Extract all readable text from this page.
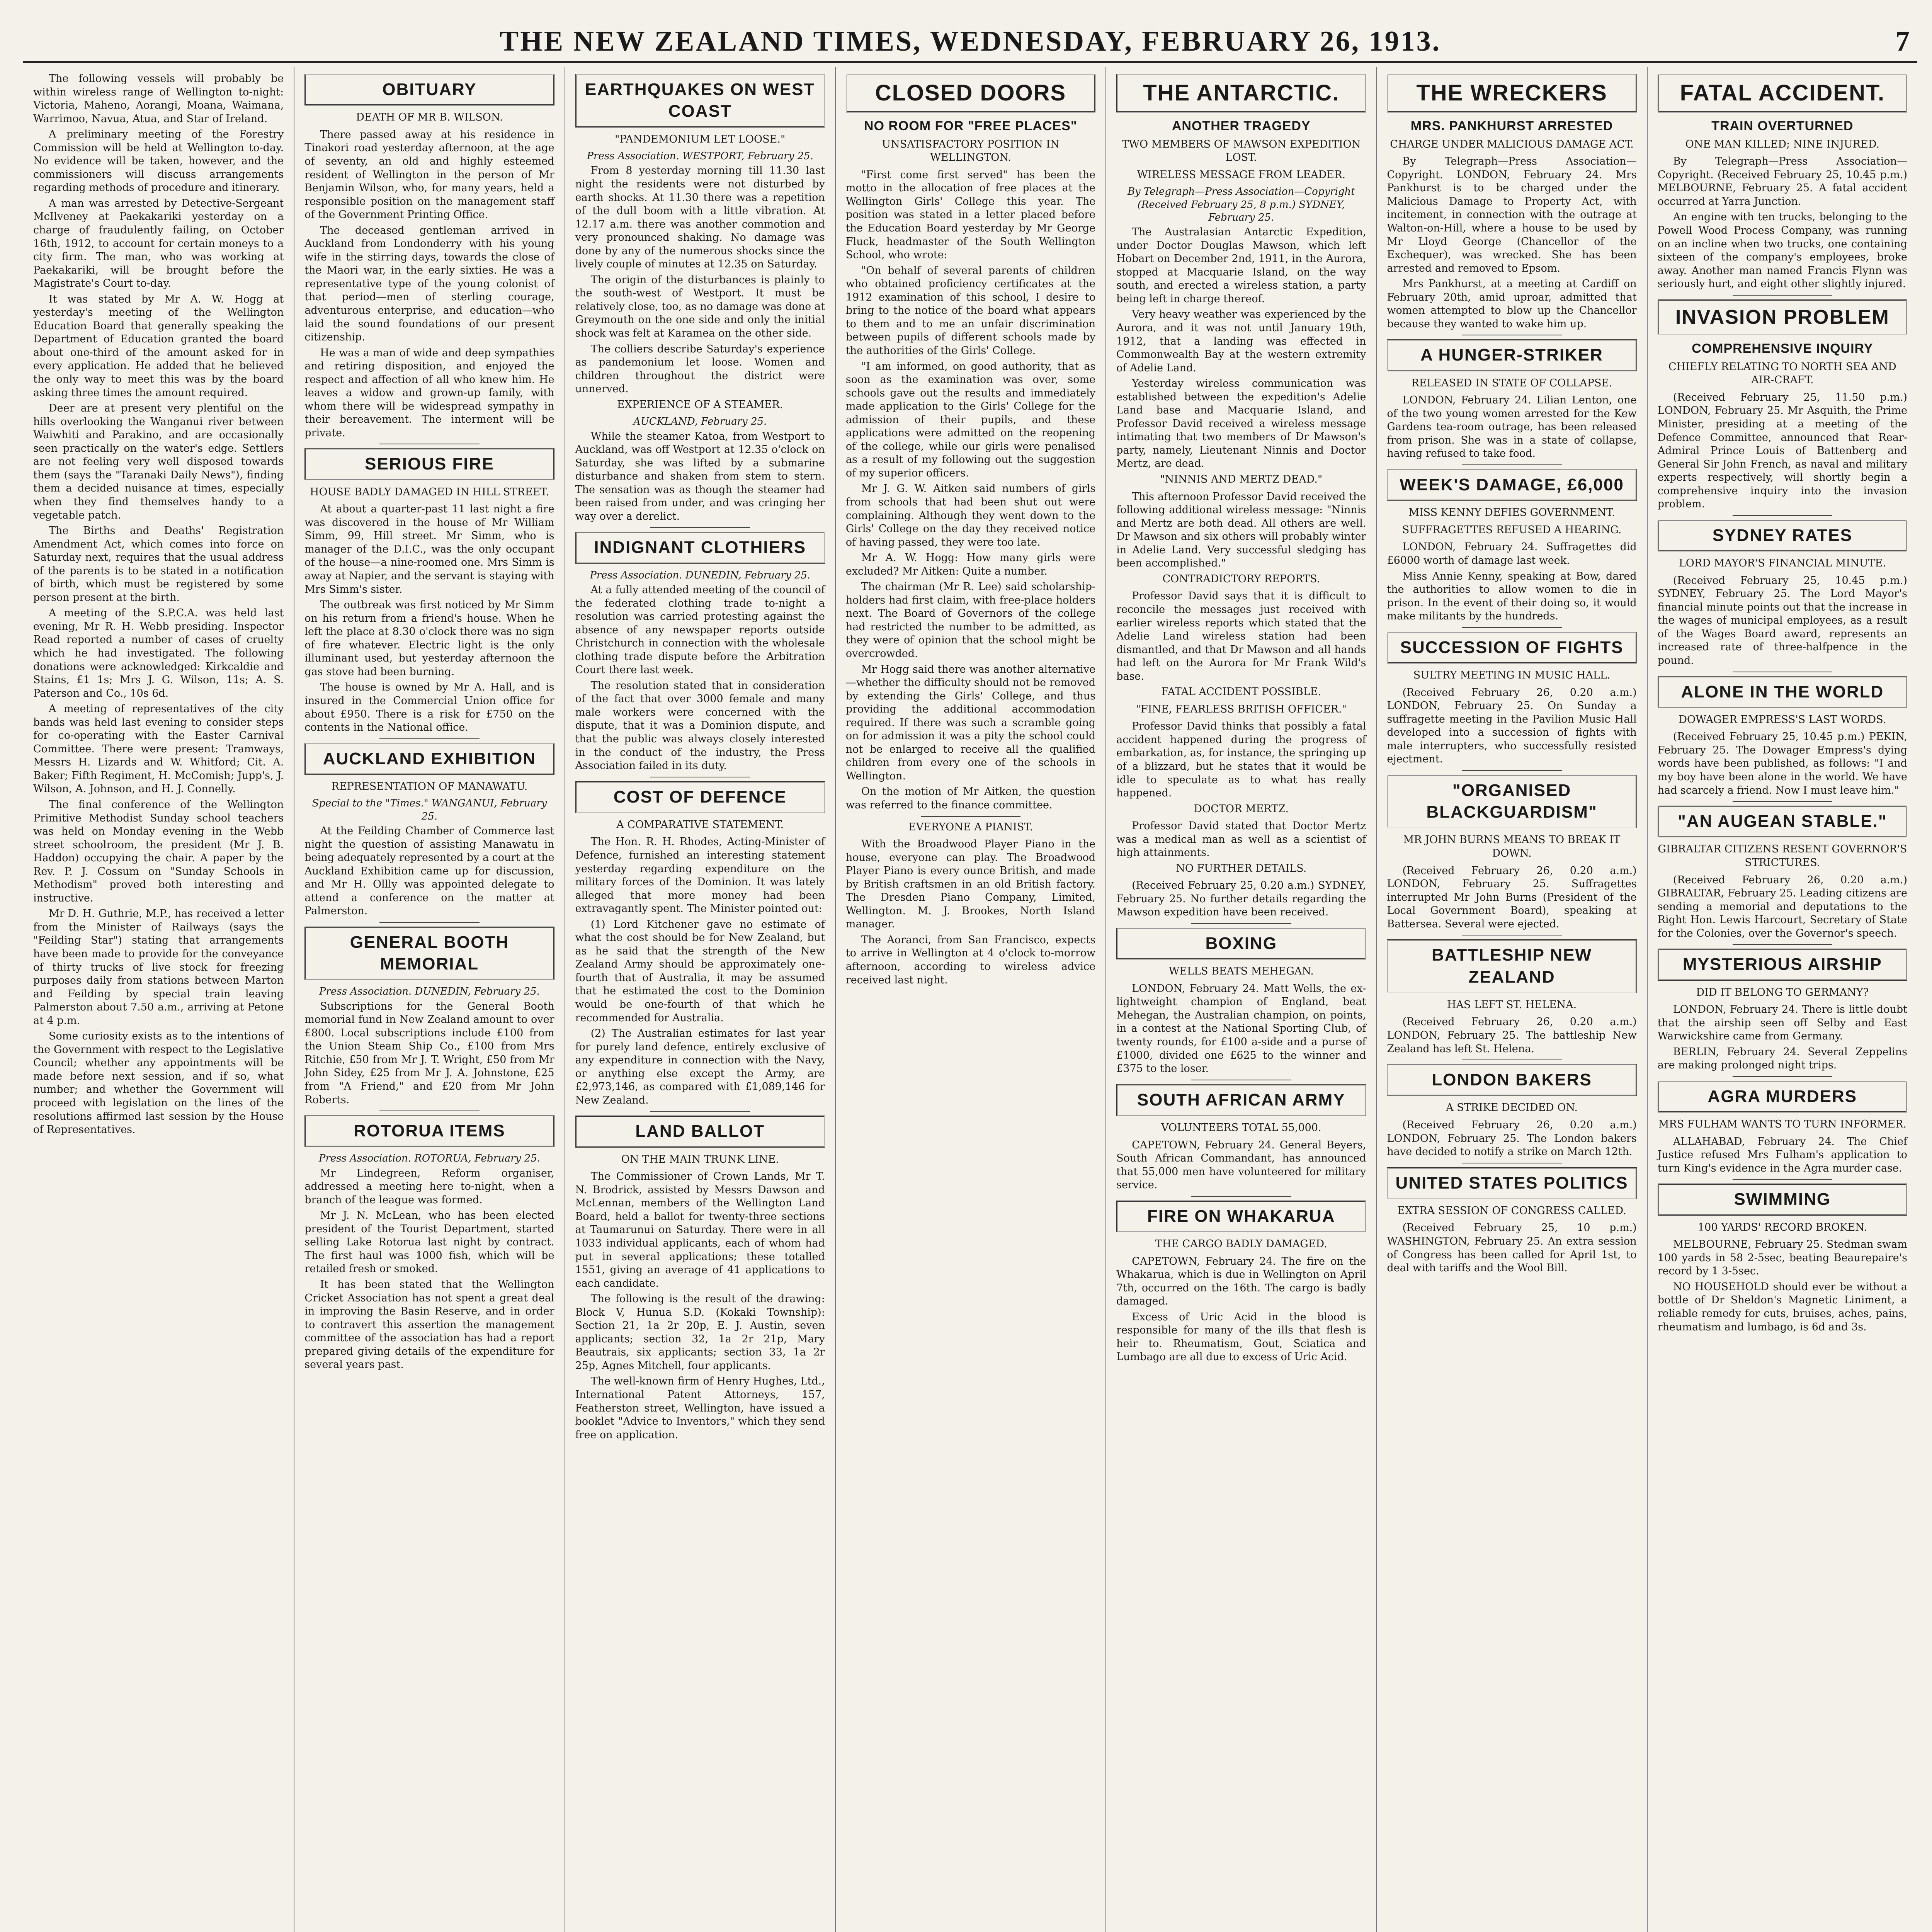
THE NEW ZEALAND TIMES, WEDNESDAY, FEBRUARY 26, 1913.	7

The following vessels will probably be within wireless range of Wellington to-night: Victoria, Maheno, Aorangi, Moana, Waimana, Warrimoo, Navua, Atua, and Star of Ireland.

A preliminary meeting of the Forestry Commission will be held at Wellington to-day. No evidence will be taken, however, and the commissioners will discuss arrangements regarding methods of procedure and itinerary.

A man was arrested by Detective-Sergeant McIlveney at Paekakariki yesterday on a charge of fraudulently failing, on October 16th, 1912, to account for certain moneys to a city firm. The man, who was working at Paekakariki, will be brought before the Magistrate's Court to-day.

It was stated by Mr A. W. Hogg at yesterday's meeting of the Wellington Education Board that generally speaking the Department of Education granted the board about one-third of the amount asked for in every application. He added that he believed the only way to meet this was by the board asking three times the amount required.

Deer are at present very plentiful on the hills overlooking the Wanganui river between Waiwhiti and Parakino, and are occasionally seen practically on the water's edge. Settlers are not feeling very well disposed towards them (says the "Taranaki Daily News"), finding them a decided nuisance at times, especially when they find themselves handy to a vegetable patch.

The Births and Deaths' Registration Amendment Act, which comes into force on Saturday next, requires that the usual address of the parents is to be stated in a notification of birth, which must be registered by some person present at the birth.

A meeting of the S.P.C.A. was held last evening, Mr R. H. Webb presiding. Inspector Read reported a number of cases of cruelty which he had investigated. The following donations were acknowledged: Kirkcaldie and Stains, £1 1s; Mrs J. G. Wilson, 11s; A. S. Paterson and Co., 10s 6d.

A meeting of representatives of the city bands was held last evening to consider steps for co-operating with the Easter Carnival Committee. There were present: Tramways, Messrs H. Lizards and W. Whitford; Cit. A. Baker; Fifth Regiment, H. McComish; Jupp's, J. Wilson, A. Johnson, and H. J. Connelly.

The final conference of the Wellington Primitive Methodist Sunday school teachers was held on Monday evening in the Webb street schoolroom, the president (Mr J. B. Haddon) occupying the chair. A paper by the Rev. P. J. Cossum on "Sunday Schools in Methodism" proved both interesting and instructive.

Mr D. H. Guthrie, M.P., has received a letter from the Minister of Railways (says the "Feilding Star") stating that arrangements have been made to provide for the conveyance of thirty trucks of live stock for freezing purposes daily from stations between Marton and Feilding by special train leaving Palmerston about 7.50 a.m., arriving at Petone at 4 p.m.

Some curiosity exists as to the intentions of the Government with respect to the Legislative Council; whether any appointments will be made before next session, and if so, what number; and whether the Government will proceed with legislation on the lines of the resolutions affirmed last session by the House of Representatives.

OBITUARY
DEATH OF MR B. WILSON.

There passed away at his residence in Tinakori road yesterday afternoon, at the age of seventy, an old and highly esteemed resident of Wellington in the person of Mr Benjamin Wilson, who, for many years, held a responsible position on the management staff of the Government Printing Office.

The deceased gentleman arrived in Auckland from Londonderry with his young wife in the stirring days, towards the close of the Maori war, in the early sixties. He was a representative type of the young colonist of that period—men of sterling courage, adventurous enterprise, and education—who laid the sound foundations of our present citizenship.

He was a man of wide and deep sympathies and retiring disposition, and enjoyed the respect and affection of all who knew him. He leaves a widow and grown-up family, with whom there will be widespread sympathy in their bereavement. The interment will be private.

SERIOUS FIRE
HOUSE BADLY DAMAGED IN HILL STREET.

At about a quarter-past 11 last night a fire was discovered in the house of Mr William Simm, 99, Hill street. Mr Simm, who is manager of the D.I.C., was the only occupant of the house—a nine-roomed one. Mrs Simm is away at Napier, and the servant is staying with Mrs Simm's sister.

The outbreak was first noticed by Mr Simm on his return from a friend's house. When he left the place at 8.30 o'clock there was no sign of fire whatever. Electric light is the only illuminant used, but yesterday afternoon the gas stove had been burning.

The house is owned by Mr A. Hall, and is insured in the Commercial Union office for about £950. There is a risk for £750 on the contents in the National office.

AUCKLAND EXHIBITION
REPRESENTATION OF MANAWATU.
Special to the "Times." WANGANUI, February 25.

At the Feilding Chamber of Commerce last night the question of assisting Manawatu in being adequately represented by a court at the Auckland Exhibition came up for discussion, and Mr H. Ollly was appointed delegate to attend a conference on the matter at Palmerston.

GENERAL BOOTH MEMORIAL
Press Association. DUNEDIN, February 25.

Subscriptions for the General Booth memorial fund in New Zealand amount to over £800. Local subscriptions include £100 from the Union Steam Ship Co., £100 from Mrs Ritchie, £50 from Mr J. T. Wright, £50 from Mr John Sidey, £25 from Mr J. A. Johnstone, £25 from "A Friend," and £20 from Mr John Roberts.

ROTORUA ITEMS
Press Association. ROTORUA, February 25.

Mr Lindegreen, Reform organiser, addressed a meeting here to-night, when a branch of the league was formed.

Mr J. N. McLean, who has been elected president of the Tourist Department, started selling Lake Rotorua last night by contract. The first haul was 1000 fish, which will be retailed fresh or smoked.

It has been stated that the Wellington Cricket Association has not spent a great deal in improving the Basin Reserve, and in order to contravert this assertion the management committee of the association has had a report prepared giving details of the expenditure for several years past.

EARTHQUAKES ON WEST COAST
"PANDEMONIUM LET LOOSE."
Press Association. WESTPORT, February 25.

From 8 yesterday morning till 11.30 last night the residents were not disturbed by earth shocks. At 11.30 there was a repetition of the dull boom with a little vibration. At 12.17 a.m. there was another commotion and very pronounced shaking. No damage was done by any of the numerous shocks since the lively couple of minutes at 12.35 on Saturday.

The origin of the disturbances is plainly to the south-west of Westport. It must be relatively close, too, as no damage was done at Greymouth on the one side and only the initial shock was felt at Karamea on the other side.

The colliers describe Saturday's experience as pandemonium let loose. Women and children throughout the district were unnerved.

EXPERIENCE OF A STEAMER.
AUCKLAND, February 25.

While the steamer Katoa, from Westport to Auckland, was off Westport at 12.35 o'clock on Saturday, she was lifted by a submarine disturbance and shaken from stem to stern. The sensation was as though the steamer had been raised from under, and was cringing her way over a derelict.

INDIGNANT CLOTHIERS
Press Association. DUNEDIN, February 25.

At a fully attended meeting of the council of the federated clothing trade to-night a resolution was carried protesting against the absence of any newspaper reports outside Christchurch in connection with the wholesale clothing trade dispute before the Arbitration Court there last week.

The resolution stated that in consideration of the fact that over 3000 female and many male workers were concerned with the dispute, that it was a Dominion dispute, and that the public was always closely interested in the conduct of the industry, the Press Association failed in its duty.

COST OF DEFENCE
A COMPARATIVE STATEMENT.

The Hon. R. H. Rhodes, Acting-Minister of Defence, furnished an interesting statement yesterday regarding expenditure on the military forces of the Dominion. It was lately alleged that more money had been extravagantly spent. The Minister pointed out:

(1) Lord Kitchener gave no estimate of what the cost should be for New Zealand, but as he said that the strength of the New Zealand Army should be approximately one-fourth that of Australia, it may be assumed that he estimated the cost to the Dominion would be one-fourth of that which he recommended for Australia.

(2) The Australian estimates for last year for purely land defence, entirely exclusive of any expenditure in connection with the Navy, or anything else except the Army, are £2,973,146, as compared with £1,089,146 for New Zealand.

LAND BALLOT
ON THE MAIN TRUNK LINE.

The Commissioner of Crown Lands, Mr T. N. Brodrick, assisted by Messrs Dawson and McLennan, members of the Wellington Land Board, held a ballot for twenty-three sections at Taumarunui on Saturday. There were in all 1033 individual applicants, each of whom had put in several applications; these totalled 1551, giving an average of 41 applications to each candidate.

The following is the result of the drawing: Block V, Hunua S.D. (Kokaki Township): Section 21, 1a 2r 20p, E. J. Austin, seven applicants; section 32, 1a 2r 21p, Mary Beautrais, six applicants; section 33, 1a 2r 25p, Agnes Mitchell, four applicants.

The well-known firm of Henry Hughes, Ltd., International Patent Attorneys, 157, Featherston street, Wellington, have issued a booklet "Advice to Inventors," which they send free on application.

CLOSED DOORS
NO ROOM FOR "FREE PLACES"
UNSATISFACTORY POSITION IN WELLINGTON.

"First come first served" has been the motto in the allocation of free places at the Wellington Girls' College this year. The position was stated in a letter placed before the Education Board yesterday by Mr George Fluck, headmaster of the South Wellington School, who wrote:

"On behalf of several parents of children who obtained proficiency certificates at the 1912 examination of this school, I desire to bring to the notice of the board what appears to them and to me an unfair discrimination between pupils of different schools made by the authorities of the Girls' College.

"I am informed, on good authority, that as soon as the examination was over, some schools gave out the results and immediately made application to the Girls' College for the admission of their pupils, and these applications were admitted on the reopening of the college, while our girls were penalised as a result of my following out the suggestion of my superior officers.

Mr J. G. W. Aitken said numbers of girls from schools that had been shut out were complaining. Although they went down to the Girls' College on the day they received notice of having passed, they were too late.

Mr A. W. Hogg: How many girls were excluded? Mr Aitken: Quite a number.

The chairman (Mr R. Lee) said scholarship-holders had first claim, with free-place holders next. The Board of Governors of the college had restricted the number to be admitted, as they were of opinion that the school might be overcrowded.

Mr Hogg said there was another alternative—whether the difficulty should not be removed by extending the Girls' College, and thus providing the additional accommodation required. If there was such a scramble going on for admission it was a pity the school could not be enlarged to receive all the qualified children from every one of the schools in Wellington.

On the motion of Mr Aitken, the question was referred to the finance committee.

EVERYONE A PIANIST.

With the Broadwood Player Piano in the house, everyone can play. The Broadwood Player Piano is every ounce British, and made by British craftsmen in an old British factory. The Dresden Piano Company, Limited, Wellington. M. J. Brookes, North Island manager.

The Aoranci, from San Francisco, expects to arrive in Wellington at 4 o'clock to-morrow afternoon, according to wireless advice received last night.

THE ANTARCTIC.
ANOTHER TRAGEDY
TWO MEMBERS OF MAWSON EXPEDITION LOST.
WIRELESS MESSAGE FROM LEADER.
By Telegraph—Press Association—Copyright (Received February 25, 8 p.m.) SYDNEY, February 25.

The Australasian Antarctic Expedition, under Doctor Douglas Mawson, which left Hobart on December 2nd, 1911, in the Aurora, stopped at Macquarie Island, on the way south, and erected a wireless station, a party being left in charge thereof.

Very heavy weather was experienced by the Aurora, and it was not until January 19th, 1912, that a landing was effected in Commonwealth Bay at the western extremity of Adelie Land.

Yesterday wireless communication was established between the expedition's Adelie Land base and Macquarie Island, and Professor David received a wireless message intimating that two members of Dr Mawson's party, namely, Lieutenant Ninnis and Doctor Mertz, are dead.

"NINNIS AND MERTZ DEAD."

This afternoon Professor David received the following additional wireless message: "Ninnis and Mertz are both dead. All others are well. Dr Mawson and six others will probably winter in Adelie Land. Very successful sledging has been accomplished."

CONTRADICTORY REPORTS.

Professor David says that it is difficult to reconcile the messages just received with earlier wireless reports which stated that the Adelie Land wireless station had been dismantled, and that Dr Mawson and all hands had left on the Aurora for Mr Frank Wild's base.

FATAL ACCIDENT POSSIBLE.
"FINE, FEARLESS BRITISH OFFICER."

Professor David thinks that possibly a fatal accident happened during the progress of embarkation, as, for instance, the springing up of a blizzard, but he states that it would be idle to speculate as to what has really happened.

DOCTOR MERTZ.

Professor David stated that Doctor Mertz was a medical man as well as a scientist of high attainments.

NO FURTHER DETAILS.

(Received February 25, 0.20 a.m.) SYDNEY, February 25. No further details regarding the Mawson expedition have been received.

BOXING
WELLS BEATS MEHEGAN.

LONDON, February 24. Matt Wells, the ex-lightweight champion of England, beat Mehegan, the Australian champion, on points, in a contest at the National Sporting Club, of twenty rounds, for £100 a-side and a purse of £1000, divided one £625 to the winner and £375 to the loser.

SOUTH AFRICAN ARMY
VOLUNTEERS TOTAL 55,000.

CAPETOWN, February 24. General Beyers, South African Commandant, has announced that 55,000 men have volunteered for military service.

FIRE ON WHAKARUA
THE CARGO BADLY DAMAGED.

CAPETOWN, February 24. The fire on the Whakarua, which is due in Wellington on April 7th, occurred on the 16th. The cargo is badly damaged.

Excess of Uric Acid in the blood is responsible for many of the ills that flesh is heir to. Rheumatism, Gout, Sciatica and Lumbago are all due to excess of Uric Acid.

THE WRECKERS
MRS. PANKHURST ARRESTED
CHARGE UNDER MALICIOUS DAMAGE ACT.

By Telegraph—Press Association—Copyright. LONDON, February 24. Mrs Pankhurst is to be charged under the Malicious Damage to Property Act, with incitement, in connection with the outrage at Walton-on-Hill, where a house to be used by Mr Lloyd George (Chancellor of the Exchequer), was wrecked. She has been arrested and removed to Epsom.

Mrs Pankhurst, at a meeting at Cardiff on February 20th, amid uproar, admitted that women attempted to blow up the Chancellor because they wanted to wake him up.

A HUNGER-STRIKER
RELEASED IN STATE OF COLLAPSE.

LONDON, February 24. Lilian Lenton, one of the two young women arrested for the Kew Gardens tea-room outrage, has been released from prison. She was in a state of collapse, having refused to take food.

WEEK'S DAMAGE, £6,000
MISS KENNY DEFIES GOVERNMENT.
SUFFRAGETTES REFUSED A HEARING.

LONDON, February 24. Suffragettes did £6000 worth of damage last week.

Miss Annie Kenny, speaking at Bow, dared the authorities to allow women to die in prison. In the event of their doing so, it would make militants by the hundreds.

SUCCESSION OF FIGHTS
SULTRY MEETING IN MUSIC HALL.

(Received February 26, 0.20 a.m.) LONDON, February 25. On Sunday a suffragette meeting in the Pavilion Music Hall developed into a succession of fights with male interrupters, who successfully resisted ejectment.

"ORGANISED BLACKGUARDISM"
MR JOHN BURNS MEANS TO BREAK IT DOWN.

(Received February 26, 0.20 a.m.) LONDON, February 25. Suffragettes interrupted Mr John Burns (President of the Local Government Board), speaking at Battersea. Several were ejected.

BATTLESHIP NEW ZEALAND
HAS LEFT ST. HELENA.

(Received February 26, 0.20 a.m.) LONDON, February 25. The battleship New Zealand has left St. Helena.

LONDON BAKERS
A STRIKE DECIDED ON.

(Received February 26, 0.20 a.m.) LONDON, February 25. The London bakers have decided to notify a strike on March 12th.

UNITED STATES POLITICS
EXTRA SESSION OF CONGRESS CALLED.

(Received February 25, 10 p.m.) WASHINGTON, February 25. An extra session of Congress has been called for April 1st, to deal with tariffs and the Wool Bill.

FATAL ACCIDENT.
TRAIN OVERTURNED
ONE MAN KILLED; NINE INJURED.

By Telegraph—Press Association—Copyright. (Received February 25, 10.45 p.m.) MELBOURNE, February 25. A fatal accident occurred at Yarra Junction.

An engine with ten trucks, belonging to the Powell Wood Process Company, was running on an incline when two trucks, one containing sixteen of the company's employees, broke away. Another man named Francis Flynn was seriously hurt, and eight other slightly injured.

INVASION PROBLEM
COMPREHENSIVE INQUIRY
CHIEFLY RELATING TO NORTH SEA AND AIR-CRAFT.

(Received February 25, 11.50 p.m.) LONDON, February 25. Mr Asquith, the Prime Minister, presiding at a meeting of the Defence Committee, announced that Rear-Admiral Prince Louis of Battenberg and General Sir John French, as naval and military experts respectively, will shortly begin a comprehensive inquiry into the invasion problem.

SYDNEY RATES
LORD MAYOR'S FINANCIAL MINUTE.

(Received February 25, 10.45 p.m.) SYDNEY, February 25. The Lord Mayor's financial minute points out that the increase in the wages of municipal employees, as a result of the Wages Board award, represents an increased rate of three-halfpence in the pound.

ALONE IN THE WORLD
DOWAGER EMPRESS'S LAST WORDS.

(Received February 25, 10.45 p.m.) PEKIN, February 25. The Dowager Empress's dying words have been published, as follows: "I and my boy have been alone in the world. We have had scarcely a friend. Now I must leave him."

"AN AUGEAN STABLE."
GIBRALTAR CITIZENS RESENT GOVERNOR'S STRICTURES.

(Received February 26, 0.20 a.m.) GIBRALTAR, February 25. Leading citizens are sending a memorial and deputations to the Right Hon. Lewis Harcourt, Secretary of State for the Colonies, over the Governor's speech.

MYSTERIOUS AIRSHIP
DID IT BELONG TO GERMANY?

LONDON, February 24. There is little doubt that the airship seen off Selby and East Warwickshire came from Germany.

BERLIN, February 24. Several Zeppelins are making prolonged night trips.

AGRA MURDERS
MRS FULHAM WANTS TO TURN INFORMER.

ALLAHABAD, February 24. The Chief Justice refused Mrs Fulham's application to turn King's evidence in the Agra murder case.

SWIMMING
100 YARDS' RECORD BROKEN.

MELBOURNE, February 25. Stedman swam 100 yards in 58 2-5sec, beating Beaurepaire's record by 1 3-5sec.

NO HOUSEHOLD should ever be without a bottle of Dr Sheldon's Magnetic Liniment, a reliable remedy for cuts, bruises, aches, pains, rheumatism and lumbago, is 6d and 3s.
